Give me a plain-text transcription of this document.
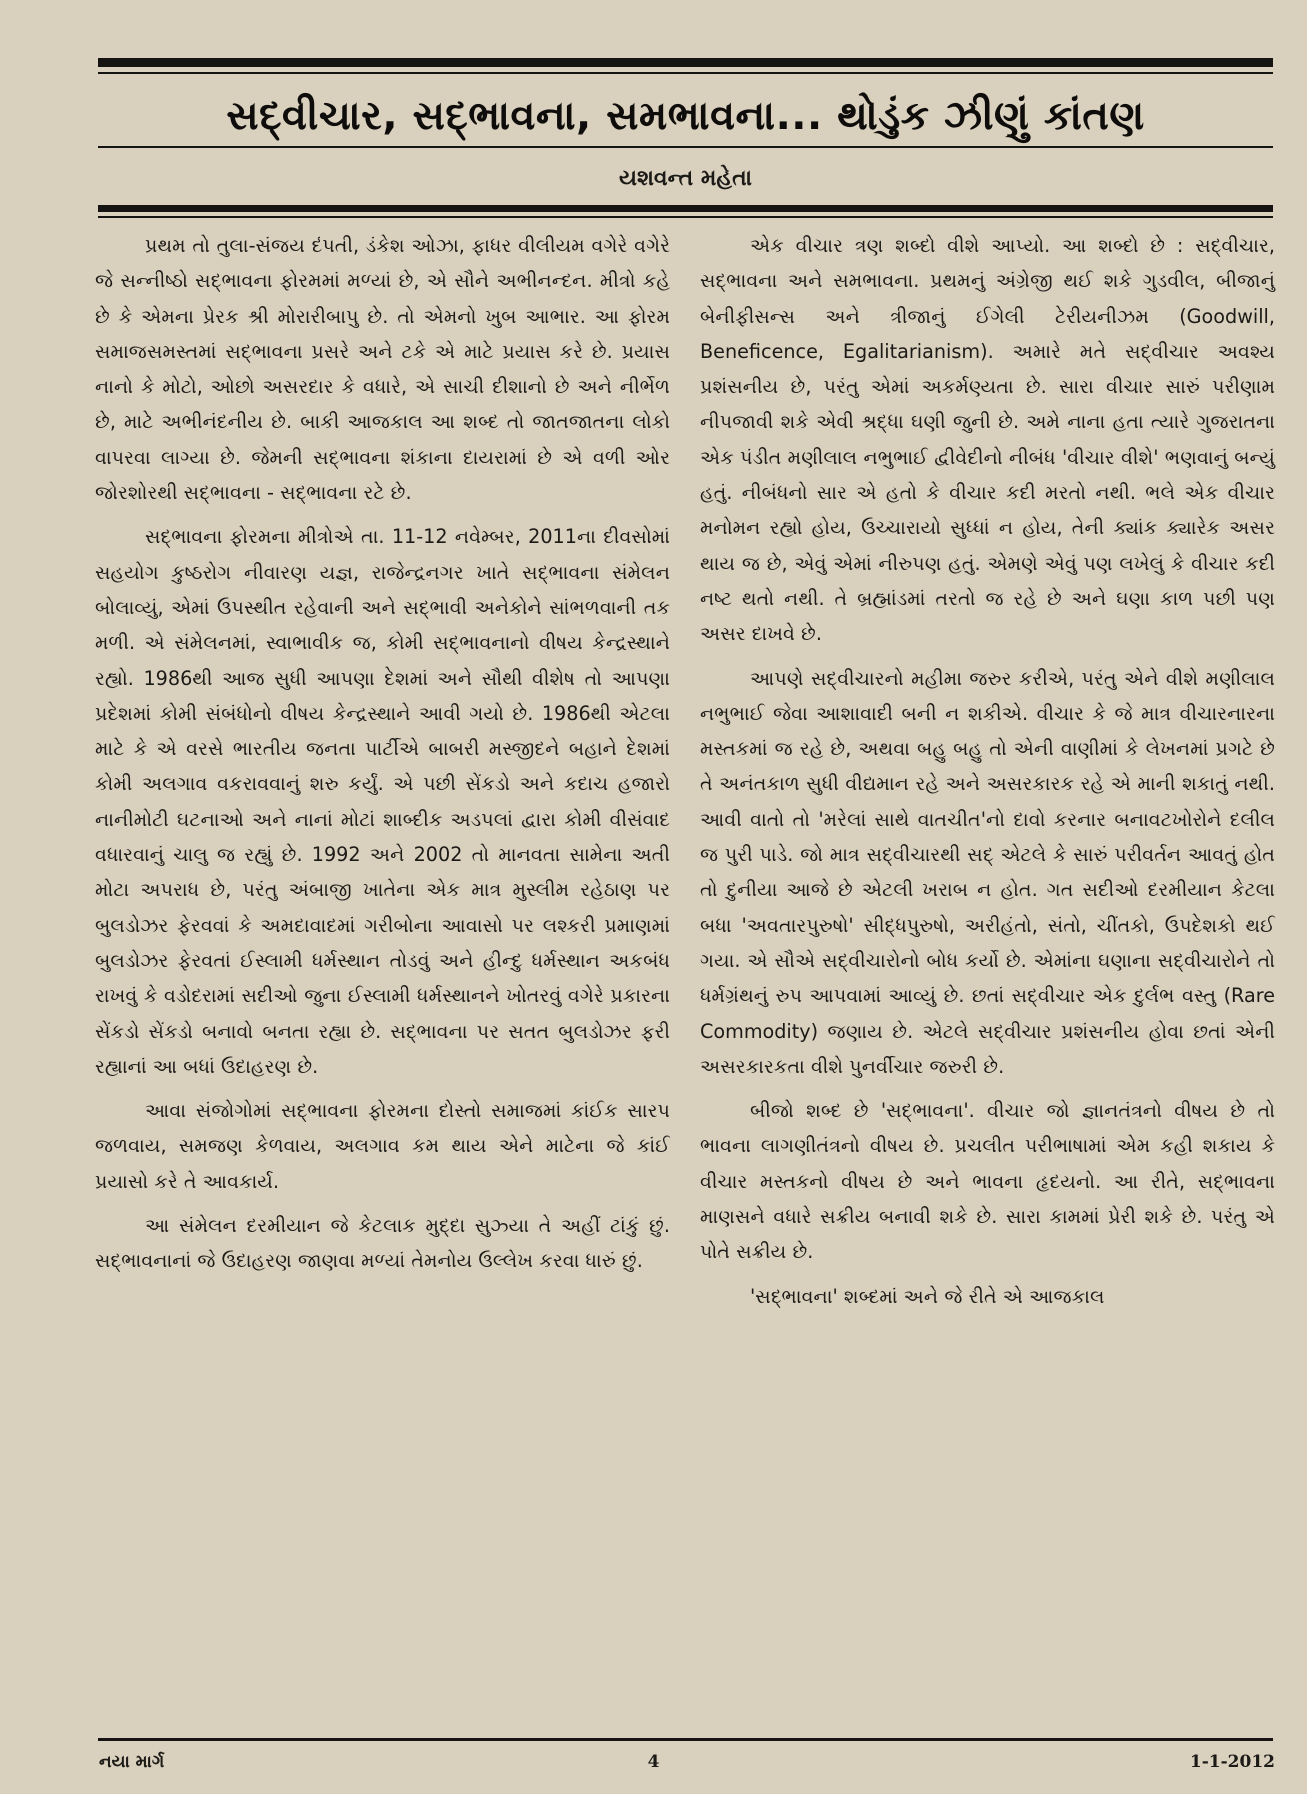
સદ્‌વીચાર, સદ્‌ભાવના, સમભાવના... થોડુંક ઝીણું કાંતણ
યશવન્ત મહેતા

પ્રથમ તો તુલા-સંજય દંપતી, ડંકેશ ઓઝા, ફાધર વીલીયમ વગેરે વગેરે જે સન્નીષ્ઠો સદ્‌ભાવના ફોરમમાં મળ્યાં છે, એ સૌને અભીનન્દન. મીત્રો કહે છે કે એમના પ્રેરક શ્રી મોરારીબાપુ છે. તો એમનો ખુબ આભાર. આ ફોરમ સમાજસમસ્તમાં સદ્‌ભાવના પ્રસરે અને ટકે એ માટે પ્રયાસ કરે છે. પ્રયાસ નાનો કે મોટો, ઓછો અસરદાર કે વધારે, એ સાચી દીશાનો છે અને નીર્ભેળ છે, માટે અભીનંદનીય છે. બાકી આજકાલ આ શબ્દ તો જાતજાતના લોકો વાપરવા લાગ્યા છે. જેમની સદ્‌ભાવના શંકાના દાયરામાં છે એ વળી ઓર જોરશોરથી સદ્‌ભાવના - સદ્‌ભાવના રટે છે.

સદ્‌ભાવના ફોરમના મીત્રોએ તા. 11-12 નવેમ્બર, 2011ના દીવસોમાં સહયોગ કુષ્ઠરોગ નીવારણ યજ્ઞ, રાજેન્દ્રનગર ખાતે સદ્‌ભાવના સંમેલન બોલાવ્યું, એમાં ઉપસ્થીત રહેવાની અને સદ્‌ભાવી અનેકોને સાંભળવાની તક મળી. એ સંમેલનમાં, સ્વાભાવીક જ, કોમી સદ્‌ભાવનાનો વીષય કેન્દ્રસ્થાને રહ્યો. 1986થી આજ સુધી આપણા દેશમાં અને સૌથી વીશેષ તો આપણા પ્રદેશમાં કોમી સંબંધોનો વીષય કેન્દ્રસ્થાને આવી ગયો છે. 1986થી એટલા માટે કે એ વરસે ભારતીય જનતા પાર્ટીએ બાબરી મસ્જીદને બહાને દેશમાં કોમી અલગાવ વકરાવવાનું શરુ કર્યું. એ પછી સેંકડો અને કદાચ હજારો નાનીમોટી ઘટનાઓ અને નાનાં મોટાં શાબ્દીક અડપલાં દ્વારા કોમી વીસંવાદ વધારવાનું ચાલુ જ રહ્યું છે. 1992 અને 2002 તો માનવતા સામેના અતી મોટા અપરાધ છે, પરંતુ અંબાજી ખાતેના એક માત્ર મુસ્લીમ રહેઠાણ પર બુલડોઝર ફેરવવાં કે અમદાવાદમાં ગરીબોના આવાસો પર લશ્કરી પ્રમાણમાં બુલડોઝર ફેરવતાં ઈસ્લામી ધર્મસ્થાન તોડવું અને હીન્દુ ધર્મસ્થાન અકબંધ રાખવું કે વડોદરામાં સદીઓ જુના ઈસ્લામી ધર્મસ્થાનને ખોતરવું વગેરે પ્રકારના સેંકડો સેંકડો બનાવો બનતા રહ્યા છે. સદ્‌ભાવના પર સતત બુલડોઝર ફરી રહ્યાનાં આ બધાં ઉદાહરણ છે.

આવા સંજોગોમાં સદ્‌ભાવના ફોરમના દોસ્તો સમાજમાં કાંઈક સારપ જળવાય, સમજણ કેળવાય, અલગાવ કમ થાય એને માટેના જે કાંઈ પ્રયાસો કરે તે આવકાર્ય.

આ સંમેલન દરમીયાન જે કેટલાક મુદ્દા સુઝ્યા તે અહીં ટાંકું છું. સદ્‌ભાવનાનાં જે ઉદાહરણ જાણવા મળ્યાં તેમનોય ઉલ્લેખ કરવા ધારું છું.

એક વીચાર ત્રણ શબ્દો વીશે આપ્યો. આ શબ્દો છે : સદ્‌વીચાર, સદ્‌ભાવના અને સમભાવના. પ્રથમનું અંગ્રેજી થઈ શકે ગુડવીલ, બીજાનું બેનીફીસન્સ અને ત્રીજાનું ઈગેલી ટેરીયનીઝમ (Goodwill, Beneficence, Egalitarianism). અમારે મતે સદ્‌વીચાર અવશ્ય પ્રશંસનીય છે, પરંતુ એમાં અકર્મણ્યતા છે. સારા વીચાર સારું પરીણામ નીપજાવી શકે એવી શ્રદ્ધા ઘણી જુની છે. અમે નાના હતા ત્યારે ગુજરાતના એક પંડીત મણીલાલ નભુભાઈ દ્વીવેદીનો નીબંધ 'વીચાર વીશે' ભણવાનું બન્યું હતું. નીબંધનો સાર એ હતો કે વીચાર કદી મરતો નથી. ભલે એક વીચાર મનોમન રહ્યો હોય, ઉચ્ચારાયો સુધ્ધાં ન હોય, તેની ક્યાંક ક્યારેક અસર થાય જ છે, એવું એમાં નીરુપણ હતું. એમણે એવું પણ લખેલું કે વીચાર કદી નષ્ટ થતો નથી. તે બ્રહ્માંડમાં તરતો જ રહે છે અને ઘણા કાળ પછી પણ અસર દાખવે છે.

આપણે સદ્‌વીચારનો મહીમા જરુર કરીએ, પરંતુ એને વીશે મણીલાલ નભુભાઈ જેવા આશાવાદી બની ન શકીએ. વીચાર કે જે માત્ર વીચારનારના મસ્તકમાં જ રહે છે, અથવા બહુ બહુ તો એની વાણીમાં કે લેખનમાં પ્રગટે છે તે અનંતકાળ સુધી વીદ્યમાન રહે અને અસરકારક રહે એ માની શકાતું નથી. આવી વાતો તો 'મરેલાં સાથે વાતચીત'નો દાવો કરનાર બનાવટખોરોને દલીલ જ પુરી પાડે. જો માત્ર સદ્‌વીચારથી સદ્‌ એટલે કે સારું પરીવર્તન આવતું હોત તો દુનીયા આજે છે એટલી ખરાબ ન હોત. ગત સદીઓ દરમીયાન કેટલા બધા 'અવતારપુરુષો' સીદ્ધપુરુષો, અરીહંતો, સંતો, ચીંતકો, ઉપદેશકો થઈ ગયા. એ સૌએ સદ્‌વીચારોનો બોધ કર્યો છે. એમાંના ઘણાના સદ્‌વીચારોને તો ધર્મગ્રંથનું રુપ આપવામાં આવ્યું છે. છતાં સદ્‌વીચાર એક દુર્લભ વસ્તુ (Rare Commodity) જણાય છે. એટલે સદ્‌વીચાર પ્રશંસનીય હોવા છતાં એની અસરકારકતા વીશે પુનર્વીચાર જરુરી છે.

બીજો શબ્દ છે 'સદ્‌ભાવના'. વીચાર જો જ્ઞાનતંત્રનો વીષય છે તો ભાવના લાગણીતંત્રનો વીષય છે. પ્રચલીત પરીભાષામાં એમ કહી શકાય કે વીચાર મસ્તકનો વીષય છે અને ભાવના હૃદયનો. આ રીતે, સદ્‌ભાવના માણસને વધારે સક્રીય બનાવી શકે છે. સારા કામમાં પ્રેરી શકે છે. પરંતુ એ પોતે સક્રીય છે.

'સદ્‌ભાવના' શબ્દમાં અને જે રીતે એ આજકાલ

નયા માર્ગ	4	1-1-2012
